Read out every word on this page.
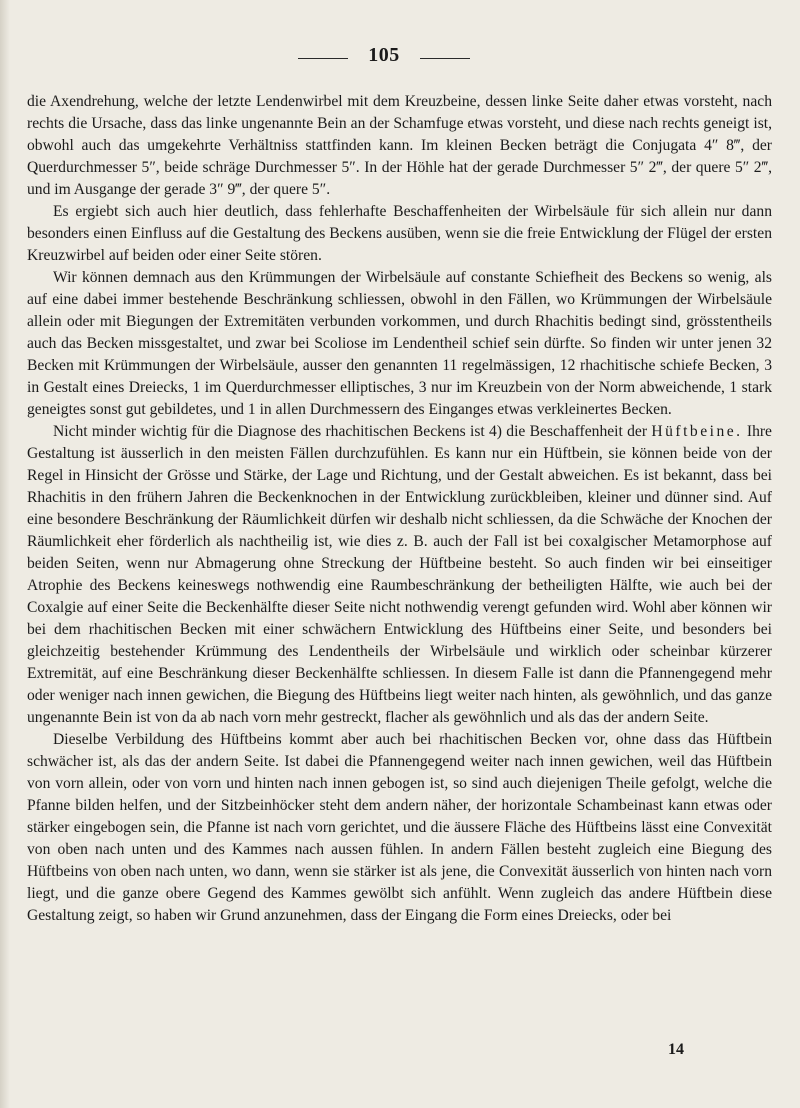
105

die Axendrehung, welche der letzte Lendenwirbel mit dem Kreuzbeine, dessen linke Seite daher etwas vorsteht, nach rechts die Ursache, dass das linke ungenannte Bein an der Schamfuge etwas vorsteht, und diese nach rechts geneigt ist, obwohl auch das umgekehrte Verhältniss stattfinden kann. Im kleinen Becken beträgt die Conjugata 4″ 8‴, der Querdurchmesser 5″, beide schräge Durchmesser 5″. In der Höhle hat der gerade Durchmesser 5″ 2‴, der quere 5″ 2‴, und im Ausgange der gerade 3″ 9‴, der quere 5″.

Es ergiebt sich auch hier deutlich, dass fehlerhafte Beschaffenheiten der Wirbelsäule für sich allein nur dann besonders einen Einfluss auf die Gestaltung des Beckens ausüben, wenn sie die freie Entwicklung der Flügel der ersten Kreuzwirbel auf beiden oder einer Seite stören.

Wir können demnach aus den Krümmungen der Wirbelsäule auf constante Schiefheit des Beckens so wenig, als auf eine dabei immer bestehende Beschränkung schliessen, obwohl in den Fällen, wo Krümmungen der Wirbelsäule allein oder mit Biegungen der Extremitäten verbunden vorkommen, und durch Rhachitis bedingt sind, grösstentheils auch das Becken missgestaltet, und zwar bei Scoliose im Lendentheil schief sein dürfte. So finden wir unter jenen 32 Becken mit Krümmungen der Wirbelsäule, ausser den genannten 11 regelmässigen, 12 rhachitische schiefe Becken, 3 in Gestalt eines Dreiecks, 1 im Querdurchmesser elliptisches, 3 nur im Kreuzbein von der Norm abweichende, 1 stark geneigtes sonst gut gebildetes, und 1 in allen Durchmessern des Einganges etwas verkleinertes Becken.

Nicht minder wichtig für die Diagnose des rhachitischen Beckens ist 4) die Beschaffenheit der Hüftbeine. Ihre Gestaltung ist äusserlich in den meisten Fällen durchzufühlen. Es kann nur ein Hüftbein, sie können beide von der Regel in Hinsicht der Grösse und Stärke, der Lage und Richtung, und der Gestalt abweichen. Es ist bekannt, dass bei Rhachitis in den frühern Jahren die Beckenknochen in der Entwicklung zurückbleiben, kleiner und dünner sind. Auf eine besondere Beschränkung der Räumlichkeit dürfen wir deshalb nicht schliessen, da die Schwäche der Knochen der Räumlichkeit eher förderlich als nachtheilig ist, wie dies z. B. auch der Fall ist bei coxalgischer Metamorphose auf beiden Seiten, wenn nur Abmagerung ohne Streckung der Hüftbeine besteht. So auch finden wir bei einseitiger Atrophie des Beckens keineswegs nothwendig eine Raumbeschränkung der betheiligten Hälfte, wie auch bei der Coxalgie auf einer Seite die Beckenhälfte dieser Seite nicht nothwendig verengt gefunden wird. Wohl aber können wir bei dem rhachitischen Becken mit einer schwächern Entwicklung des Hüftbeins einer Seite, und besonders bei gleichzeitig bestehender Krümmung des Lendentheils der Wirbelsäule und wirklich oder scheinbar kürzerer Extremität, auf eine Beschränkung dieser Beckenhälfte schliessen. In diesem Falle ist dann die Pfannengegend mehr oder weniger nach innen gewichen, die Biegung des Hüftbeins liegt weiter nach hinten, als gewöhnlich, und das ganze ungenannte Bein ist von da ab nach vorn mehr gestreckt, flacher als gewöhnlich und als das der andern Seite.

Dieselbe Verbildung des Hüftbeins kommt aber auch bei rhachitischen Becken vor, ohne dass das Hüftbein schwächer ist, als das der andern Seite. Ist dabei die Pfannengegend weiter nach innen gewichen, weil das Hüftbein von vorn allein, oder von vorn und hinten nach innen gebogen ist, so sind auch diejenigen Theile gefolgt, welche die Pfanne bilden helfen, und der Sitzbeinhöcker steht dem andern näher, der horizontale Schambeinast kann etwas oder stärker eingebogen sein, die Pfanne ist nach vorn gerichtet, und die äussere Fläche des Hüftbeins lässt eine Convexität von oben nach unten und des Kammes nach aussen fühlen. In andern Fällen besteht zugleich eine Biegung des Hüftbeins von oben nach unten, wo dann, wenn sie stärker ist als jene, die Convexität äusserlich von hinten nach vorn liegt, und die ganze obere Gegend des Kammes gewölbt sich anfühlt. Wenn zugleich das andere Hüftbein diese Gestaltung zeigt, so haben wir Grund anzunehmen, dass der Eingang die Form eines Dreiecks, oder bei

14
